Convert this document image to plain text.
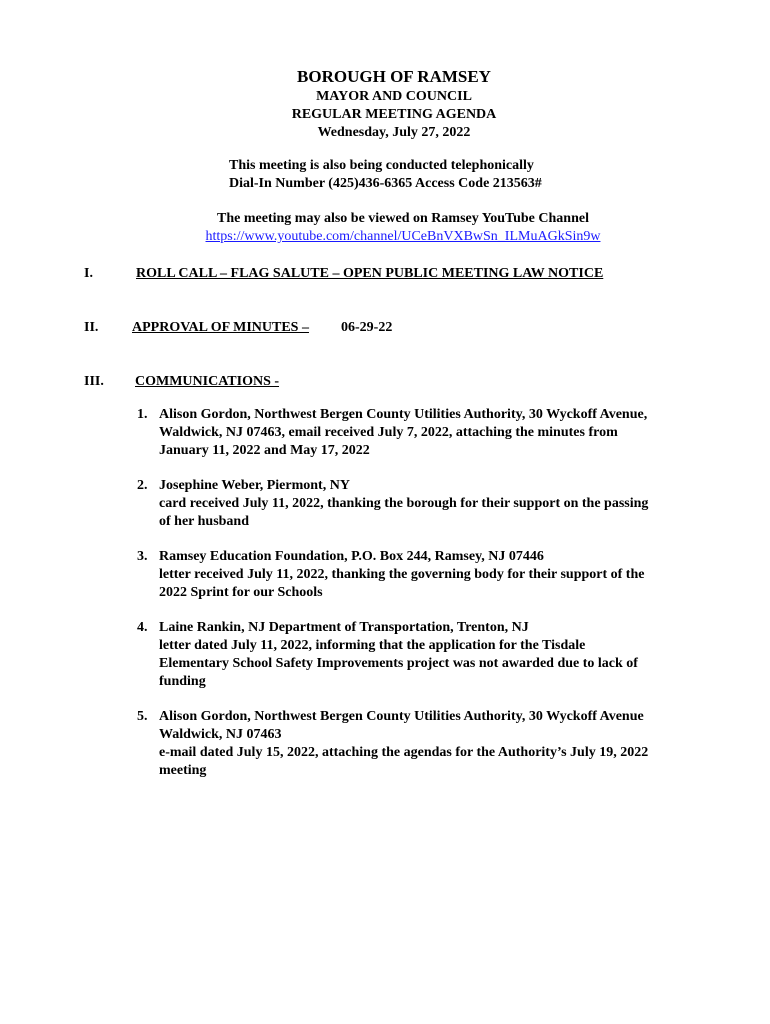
BOROUGH OF RAMSEY
MAYOR AND COUNCIL
REGULAR MEETING AGENDA
Wednesday, July 27, 2022
This meeting is also being conducted telephonically
Dial-In Number (425)436-6365 Access Code 213563#
The meeting may also be viewed on Ramsey YouTube Channel
https://www.youtube.com/channel/UCeBnVXBwSn_ILMuAGkSin9w
I.	ROLL CALL – FLAG SALUTE – OPEN PUBLIC MEETING LAW NOTICE
II. APPROVAL OF MINUTES – 06-29-22
III. COMMUNICATIONS -
1. Alison Gordon, Northwest Bergen County Utilities Authority, 30 Wyckoff Avenue,
Waldwick, NJ 07463, email received July 7, 2022, attaching the minutes from
January 11, 2022 and May 17, 2022
2. Josephine Weber, Piermont, NY
card received July 11, 2022, thanking the borough for their support on the passing
of her husband
3. Ramsey Education Foundation, P.O. Box 244, Ramsey, NJ 07446
letter received July 11, 2022, thanking the governing body for their support of the
2022 Sprint for our Schools
4. Laine Rankin, NJ Department of Transportation, Trenton, NJ
letter dated July 11, 2022, informing that the application for the Tisdale
Elementary School Safety Improvements project was not awarded due to lack of
funding
5. Alison Gordon, Northwest Bergen County Utilities Authority, 30 Wyckoff Avenue
Waldwick, NJ 07463
e-mail dated July 15, 2022, attaching the agendas for the Authority’s July 19, 2022
meeting
